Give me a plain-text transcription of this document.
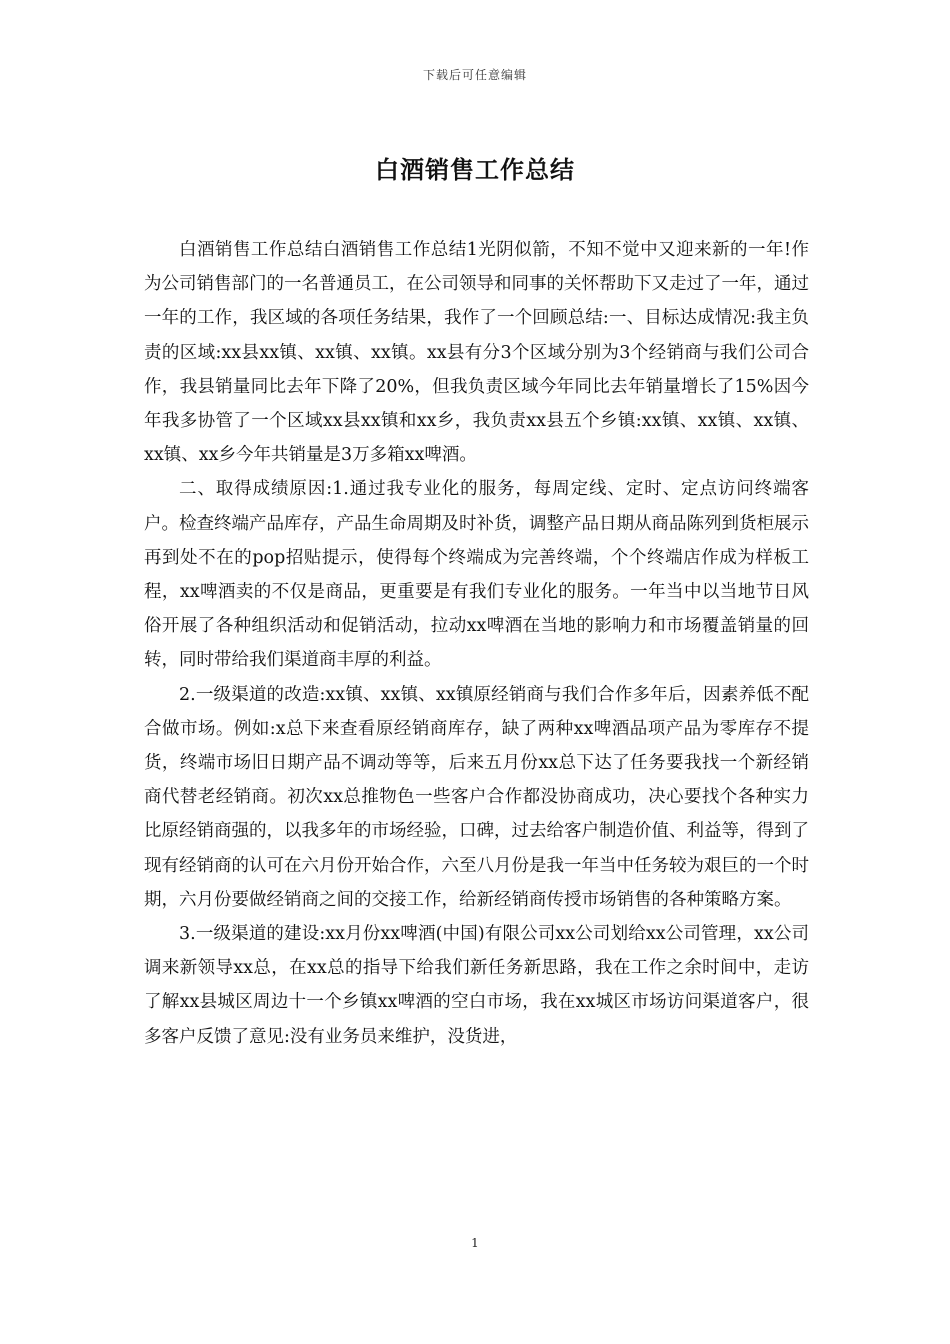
下载后可任意编辑
白酒销售工作总结

白酒销售工作总结白酒销售工作总结1光阴似箭，不知不觉中又迎来新的一年!作为公司销售部门的一名普通员工，在公司领导和同事的关怀帮助下又走过了一年，通过一年的工作，我区域的各项任务结果，我作了一个回顾总结:一、目标达成情况:我主负责的区域:xx县xx镇、xx镇、xx镇。xx县有分3个区域分别为3个经销商与我们公司合作，我县销量同比去年下降了20%，但我负责区域今年同比去年销量增长了15%因今年我多协管了一个区域xx县xx镇和xx乡，我负责xx县五个乡镇:xx镇、xx镇、xx镇、xx镇、xx乡今年共销量是3万多箱xx啤酒。

二、取得成绩原因:1.通过我专业化的服务，每周定线、定时、定点访问终端客户。检查终端产品库存，产品生命周期及时补货，调整产品日期从商品陈列到货柜展示再到处不在的pop招贴提示，使得每个终端成为完善终端，个个终端店作成为样板工程，xx啤酒卖的不仅是商品，更重要是有我们专业化的服务。一年当中以当地节日风俗开展了各种组织活动和促销活动，拉动xx啤酒在当地的影响力和市场覆盖销量的回转，同时带给我们渠道商丰厚的利益。

2.一级渠道的改造:xx镇、xx镇、xx镇原经销商与我们合作多年后，因素养低不配合做市场。例如:x总下来查看原经销商库存，缺了两种xx啤酒品项产品为零库存不提货，终端市场旧日期产品不调动等等，后来五月份xx总下达了任务要我找一个新经销商代替老经销商。初次xx总推物色一些客户合作都没协商成功，决心要找个各种实力比原经销商强的，以我多年的市场经验，口碑，过去给客户制造价值、利益等，得到了现有经销商的认可在六月份开始合作，六至八月份是我一年当中任务较为艰巨的一个时期，六月份要做经销商之间的交接工作，给新经销商传授市场销售的各种策略方案。

3.一级渠道的建设:xx月份xx啤酒(中国)有限公司xx公司划给xx公司管理，xx公司调来新领导xx总，在xx总的指导下给我们新任务新思路，我在工作之余时间中，走访了解xx县城区周边十一个乡镇xx啤酒的空白市场，我在xx城区市场访问渠道客户，很多客户反馈了意见:没有业务员来维护，没货进，

1
